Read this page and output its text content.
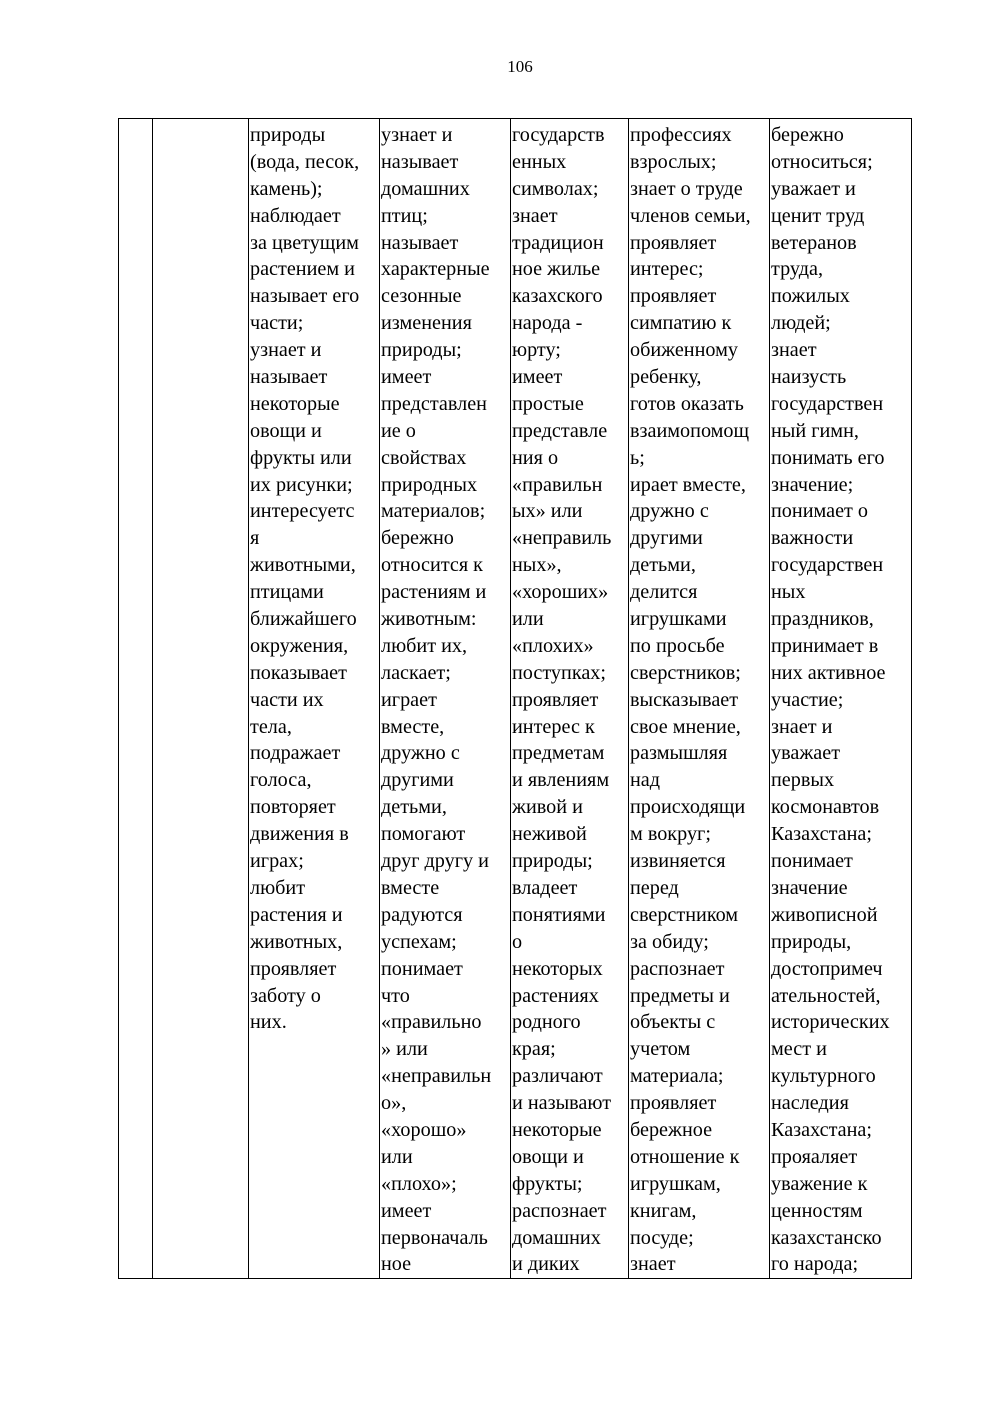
106

природы
(вода, песок,
камень);
наблюдает
за цветущим
растением и
называет его
части;
узнает и
называет
некоторые
овощи и
фрукты или
их рисунки;
интересуетс
я
животными,
птицами
ближайшего
окружения,
показывает
части их
тела,
подражает
голоса,
повторяет
движения в
играх;
любит
растения и
животных,
проявляет
заботу о
них.

узнает и
называет
домашних
птиц;
называет
характерные
сезонные
изменения
природы;
имеет
представлен
ие о
свойствах
природных
материалов;
бережно
относится к
растениям и
животным:
любит их,
ласкает;
играет
вместе,
дружно с
другими
детьми,
помогают
друг другу и
вместе
радуются
успехам;
понимает
что
«правильно
» или
«неправильн
о»,
«хорошо»
или
«плохо»;
имеет
первоначаль
ное

государств
енных
символах;
знает
традицион
ное жилье
казахского
народа -
юрту;
имеет
простые
представле
ния о
«правильн
ых» или
«неправиль
ных»,
«хороших»
или
«плохих»
поступках;
проявляет
интерес к
предметам
и явлениям
живой и
неживой
природы;
владеет
понятиями
о
некоторых
растениях
родного
края;
различают
и называют
некоторые
овощи и
фрукты;
распознает
домашних
и диких

профессиях
взрослых;
знает о труде
членов семьи,
проявляет
интерес;
проявляет
симпатию к
обиженному
ребенку,
готов оказать
взаимопомощ
ь;
ирает вместе,
дружно с
другими
детьми,
делится
игрушками
по просьбе
сверстников;
высказывает
свое мнение,
размышляя
над
происходящи
м вокруг;
извиняется
перед
сверстником
за обиду;
распознает
предметы и
объекты с
учетом
материала;
проявляет
бережное
отношение к
игрушкам,
книгам,
посуде;
знает

бережно
относиться;
уважает и
ценит труд
ветеранов
труда,
пожилых
людей;
знает
наизусть
государствен
ный гимн,
понимать его
значение;
понимает о
важности
государствен
ных
праздников,
принимает в
них активное
участие;
знает и
уважает
первых
космонавтов
Казахстана;
понимает
значение
живописной
природы,
достопримеч
ательностей,
исторических
мест и
культурного
наследия
Казахстана;
прояаляет
уважение к
ценностям
казахстанско
го народа;
